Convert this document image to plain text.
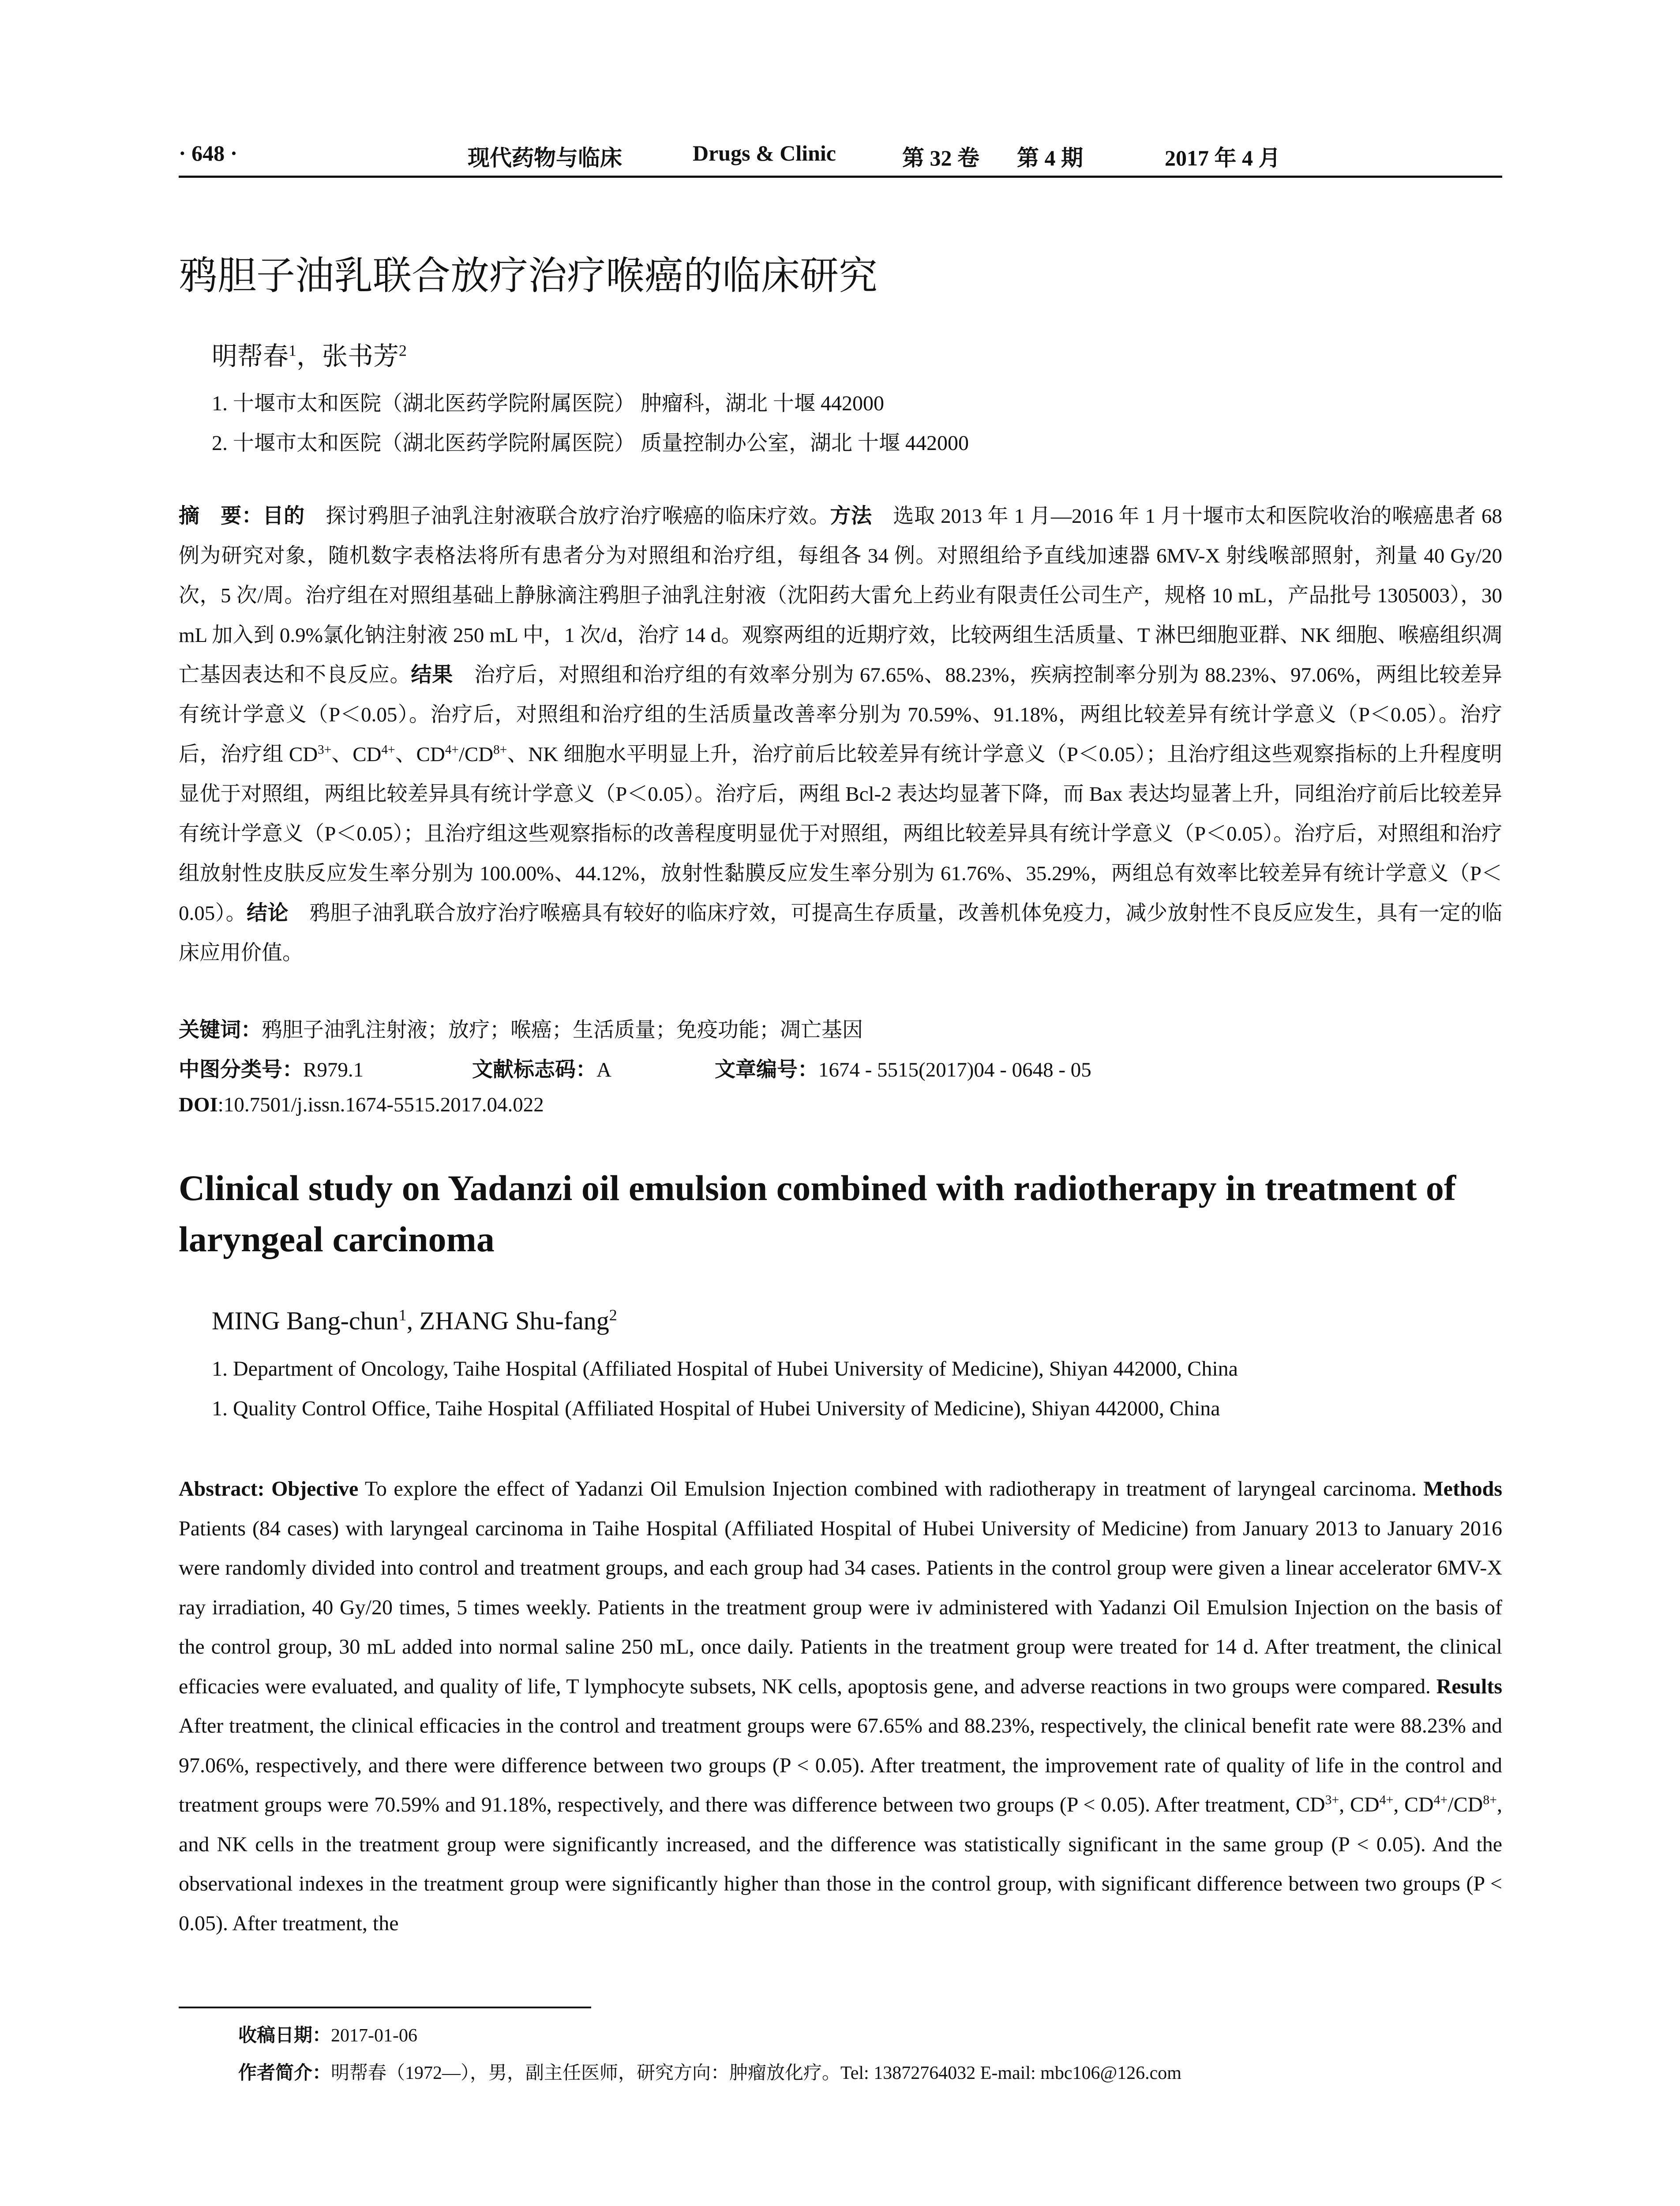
· 648 ·	现代药物与临床	Drugs & Clinic	第 32 卷 第 4 期	2017 年 4 月
鸦胆子油乳联合放疗治疗喉癌的临床研究
明帮春$^1$，张书芳$^2$
1. 十堰市太和医院（湖北医药学院附属医院） 肿瘤科，湖北 十堰 442000
2. 十堰市太和医院（湖北医药学院附属医院） 质量控制办公室，湖北 十堰 442000
摘　要：目的　探讨鸦胆子油乳注射液联合放疗治疗喉癌的临床疗效。方法　选取 2013 年 1 月—2016 年 1 月十堰市太和医院收治的喉癌患者 68 例为研究对象，随机数字表格法将所有患者分为对照组和治疗组，每组各 34 例。对照组给予直线加速器 6MV-X 射线喉部照射，剂量 40 Gy/20 次，5 次/周。治疗组在对照组基础上静脉滴注鸦胆子油乳注射液（沈阳药大雷允上药业有限责任公司生产，规格 10 mL，产品批号 1305003），30 mL 加入到 0.9%氯化钠注射液 250 mL 中，1 次/d，治疗 14 d。观察两组的近期疗效，比较两组生活质量、T 淋巴细胞亚群、NK 细胞、喉癌组织凋亡基因表达和不良反应。结果　治疗后，对照组和治疗组的有效率分别为 67.65%、88.23%，疾病控制率分别为 88.23%、97.06%，两组比较差异有统计学意义（P＜0.05）。治疗后，对照组和治疗组的生活质量改善率分别为 70.59%、91.18%，两组比较差异有统计学意义（P＜0.05）。治疗后，治疗组 $CD^{3+}$、$CD^{4+}$、$CD^{4+}/CD^{8+}$、NK 细胞水平明显上升，治疗前后比较差异有统计学意义（P＜0.05）；且治疗组这些观察指标的上升程度明显优于对照组，两组比较差异具有统计学意义（P＜0.05）。治疗后，两组 Bcl-2 表达均显著下降，而 Bax 表达均显著上升，同组治疗前后比较差异有统计学意义（P＜0.05）；且治疗组这些观察指标的改善程度明显优于对照组，两组比较差异具有统计学意义（P＜0.05）。治疗后，对照组和治疗组放射性皮肤反应发生率分别为 100.00%、44.12%，放射性黏膜反应发生率分别为 61.76%、35.29%，两组总有效率比较差异有统计学意义（P＜0.05）。结论　鸦胆子油乳联合放疗治疗喉癌具有较好的临床疗效，可提高生存质量，改善机体免疫力，减少放射性不良反应发生，具有一定的临床应用价值。
关键词：鸦胆子油乳注射液；放疗；喉癌；生活质量；免疫功能；凋亡基因
中图分类号：R979.1	文献标志码：A	文章编号：1674 - 5515(2017)04 - 0648 - 05
DOI:10.7501/j.issn.1674-5515.2017.04.022
Clinical study on Yadanzi oil emulsion combined with radiotherapy in treatment of laryngeal carcinoma
MING Bang-chun$^1$, ZHANG Shu-fang$^2$
1. Department of Oncology, Taihe Hospital (Affiliated Hospital of Hubei University of Medicine), Shiyan 442000, China
1. Quality Control Office, Taihe Hospital (Affiliated Hospital of Hubei University of Medicine), Shiyan 442000, China
Abstract: Objective To explore the effect of Yadanzi Oil Emulsion Injection combined with radiotherapy in treatment of laryngeal carcinoma. Methods Patients (84 cases) with laryngeal carcinoma in Taihe Hospital (Affiliated Hospital of Hubei University of Medicine) from January 2013 to January 2016 were randomly divided into control and treatment groups, and each group had 34 cases. Patients in the control group were given a linear accelerator 6MV-X ray irradiation, 40 Gy/20 times, 5 times weekly. Patients in the treatment group were iv administered with Yadanzi Oil Emulsion Injection on the basis of the control group, 30 mL added into normal saline 250 mL, once daily. Patients in the treatment group were treated for 14 d. After treatment, the clinical efficacies were evaluated, and quality of life, T lymphocyte subsets, NK cells, apoptosis gene, and adverse reactions in two groups were compared. Results After treatment, the clinical efficacies in the control and treatment groups were 67.65% and 88.23%, respectively, the clinical benefit rate were 88.23% and 97.06%, respectively, and there were difference between two groups (P < 0.05). After treatment, the improvement rate of quality of life in the control and treatment groups were 70.59% and 91.18%, respectively, and there was difference between two groups (P < 0.05). After treatment, $CD^{3+}$, $CD^{4+}$, $CD^{4+}/CD^{8+}$, and NK cells in the treatment group were significantly increased, and the difference was statistically significant in the same group (P < 0.05). And the observational indexes in the treatment group were significantly higher than those in the control group, with significant difference between two groups (P < 0.05). After treatment, the
收稿日期：2017-01-06
作者简介：明帮春（1972—），男，副主任医师，研究方向：肿瘤放化疗。Tel: 13872764032 E-mail: mbc106@126.com
